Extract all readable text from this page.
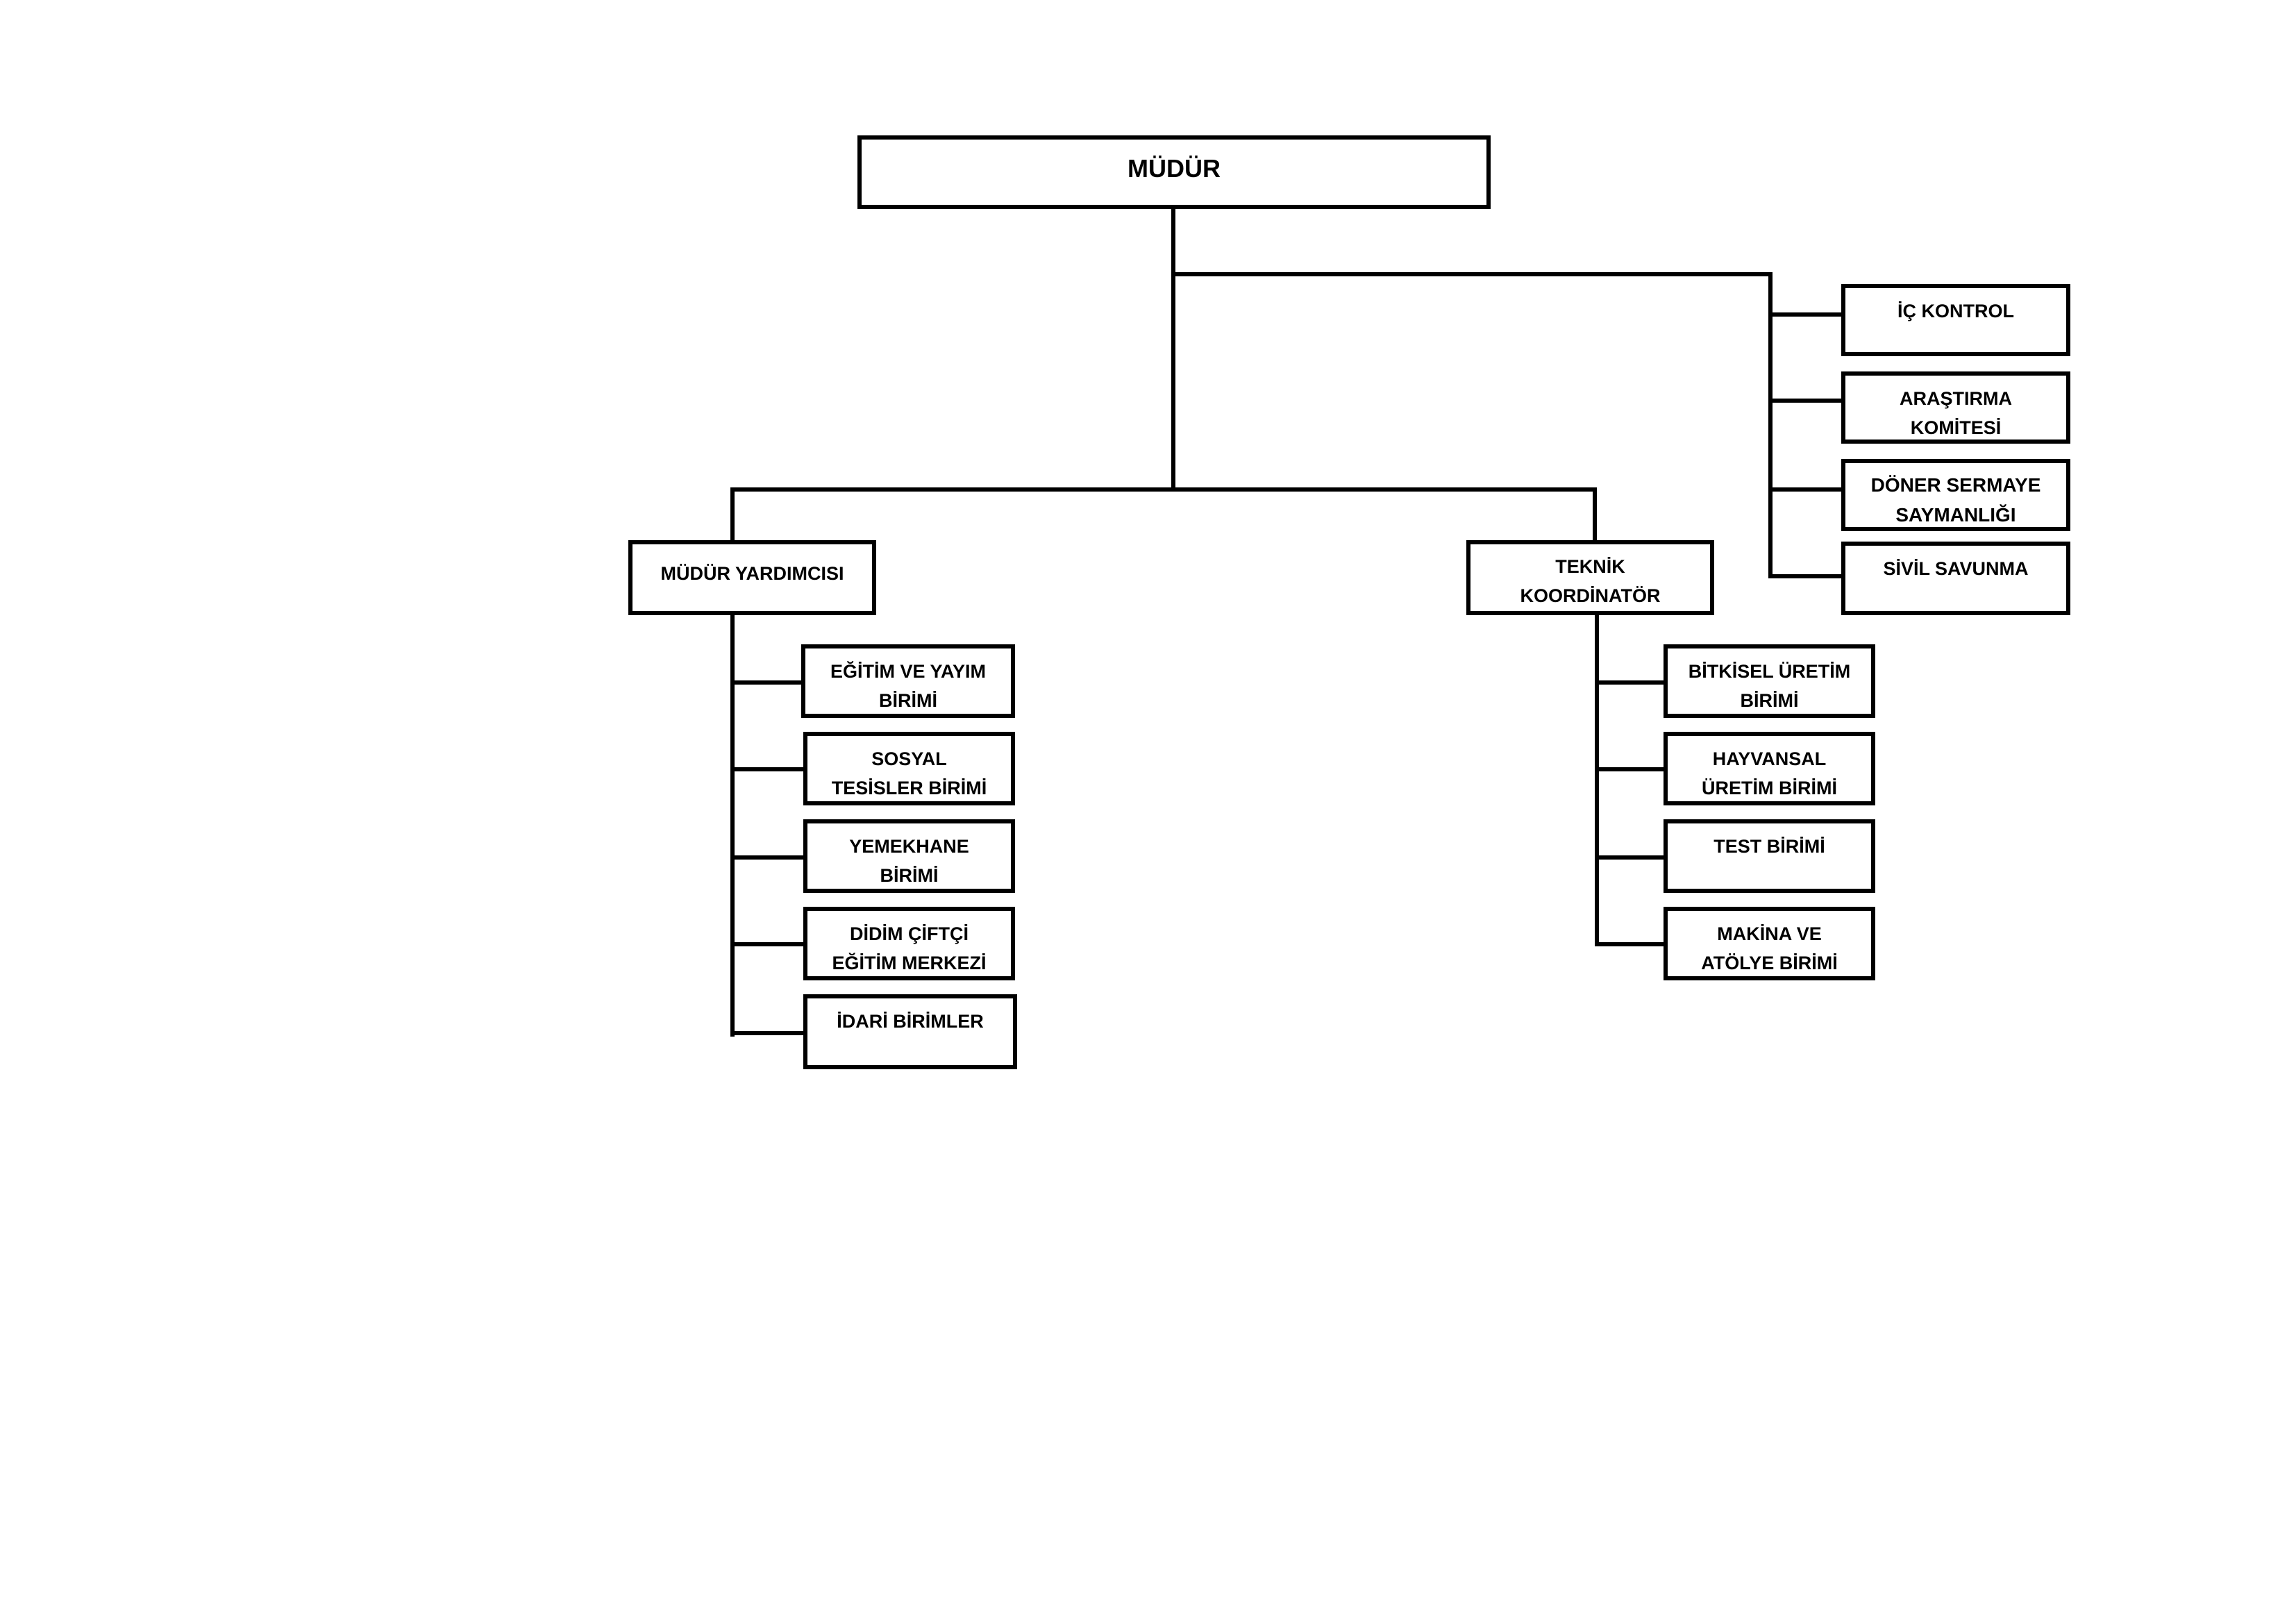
MÜDÜR
İÇ KONTROL
ARAŞTIRMA
KOMİTESİ
DÖNER SERMAYE
SAYMANLIĞI
SİVİL SAVUNMA
MÜDÜR YARDIMCISI	TEKNİK
KOORDİNATÖR
EĞİTİM VE YAYIM
BİRİMİ
SOSYAL
TESİSLER BİRİMİ
YEMEKHANE
BİRİMİ
DİDİM ÇİFTÇİ
EĞİTİM MERKEZİ
İDARİ BİRİMLER
BİTKİSEL ÜRETİM
BİRİMİ
HAYVANSAL
ÜRETİM BİRİMİ
TEST BİRİMİ
MAKİNA VE
ATÖLYE BİRİMİ
